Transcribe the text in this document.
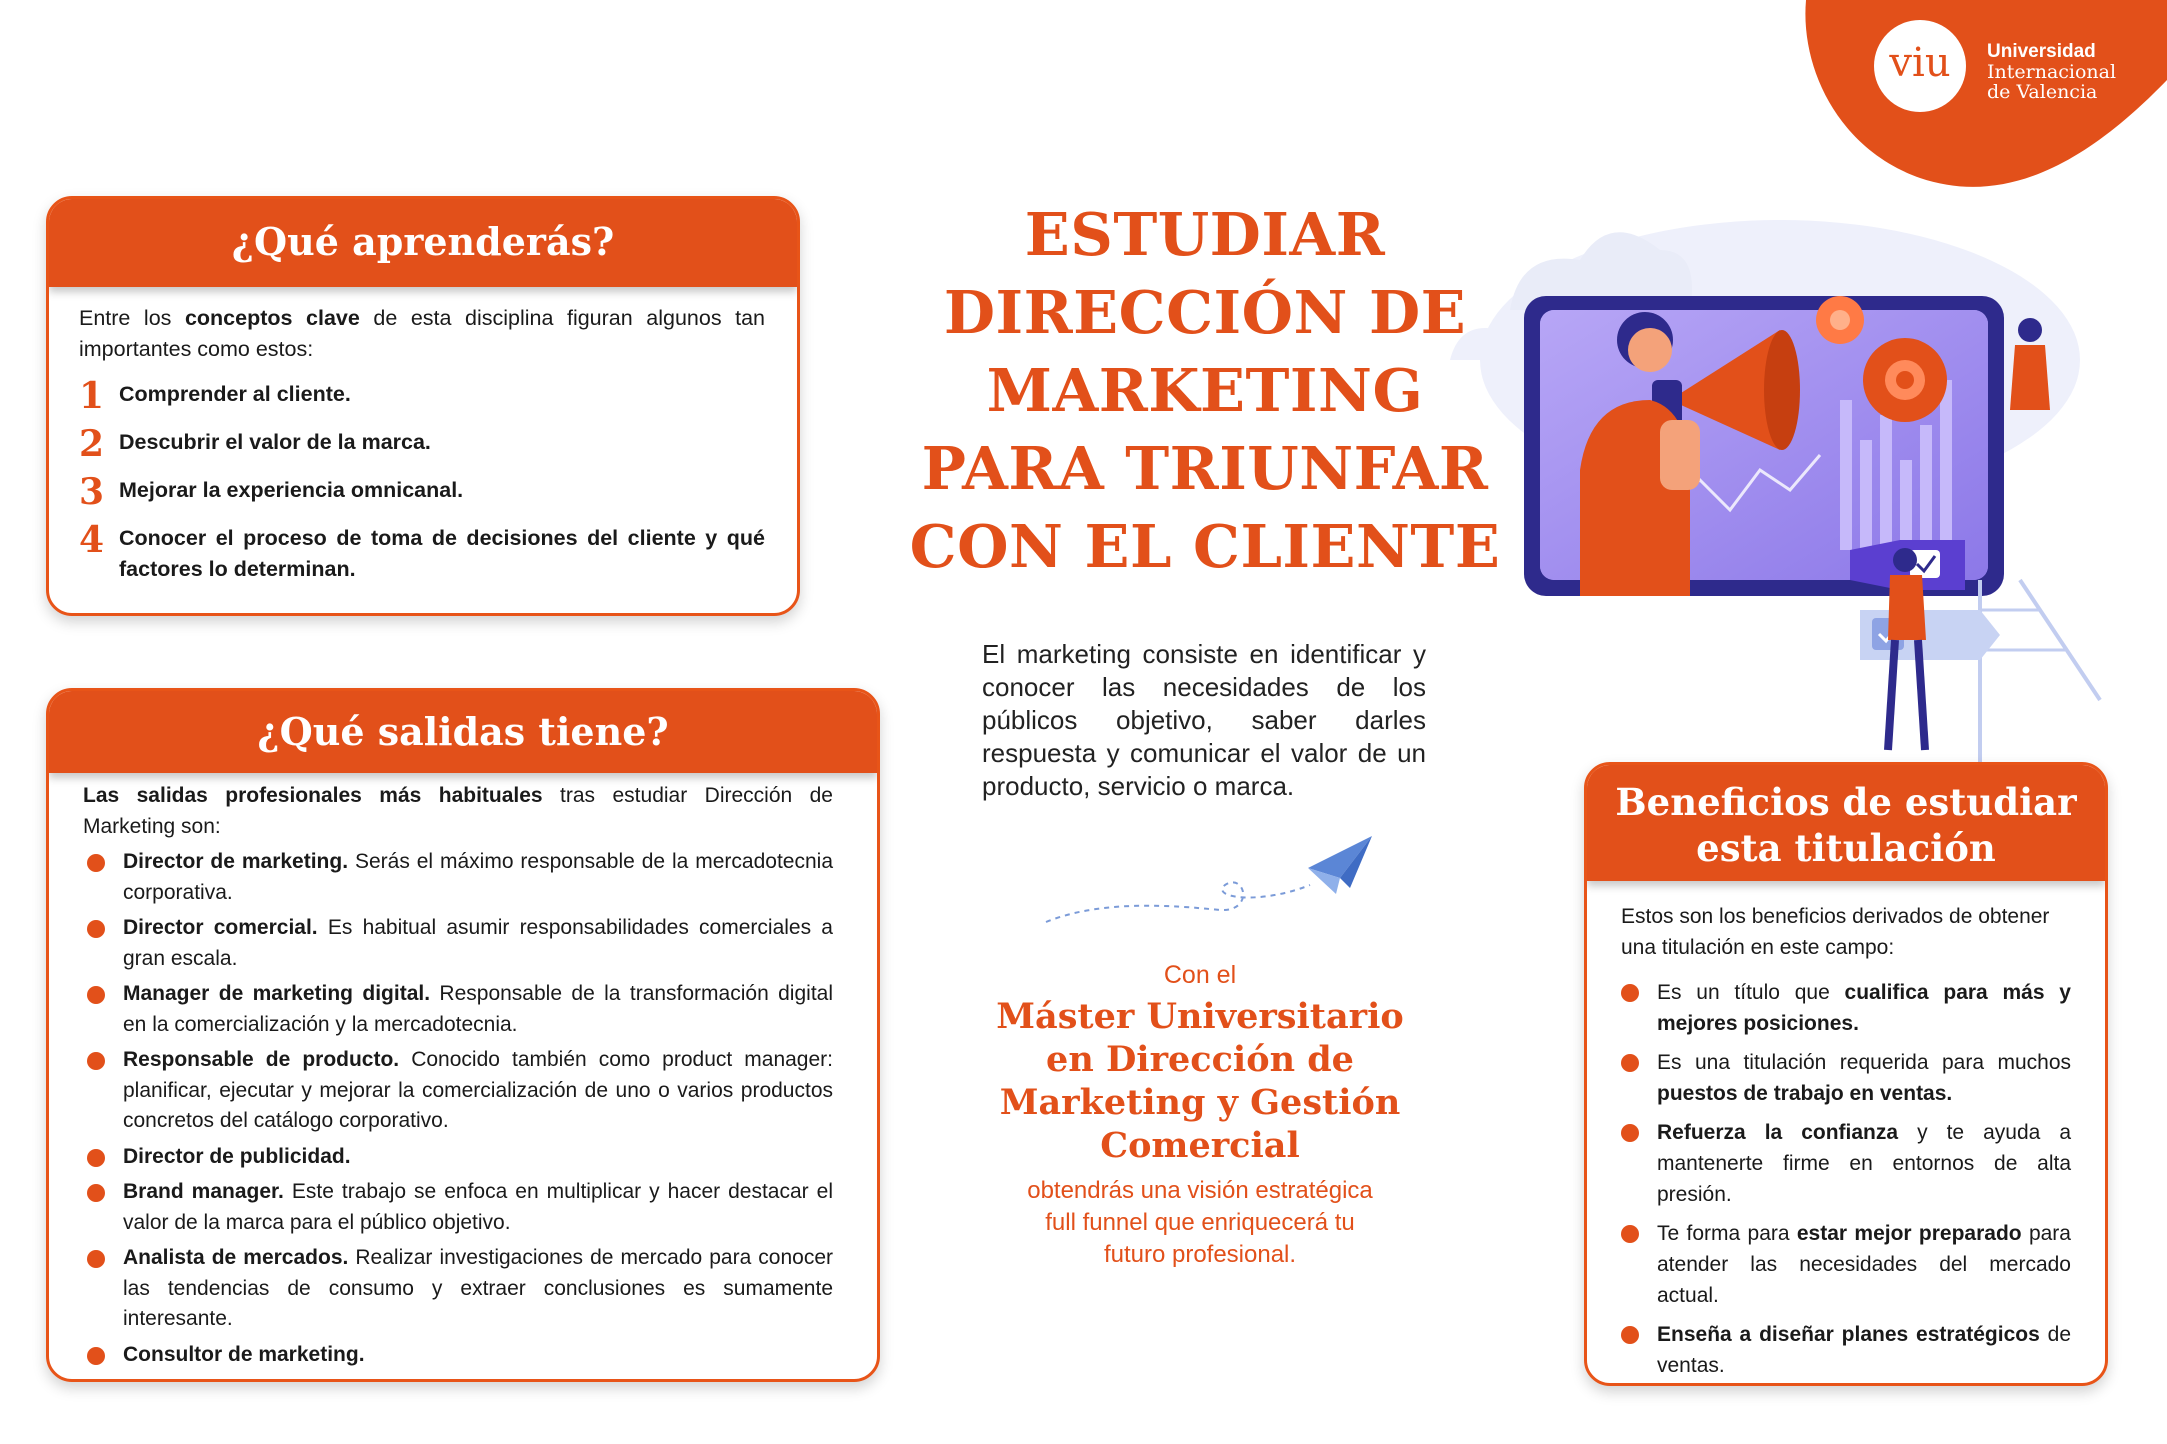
viu	Universidad
Internacional
de Valencia
¿Qué aprenderás?
Entre los conceptos clave de esta disciplina figuran algunos tan importantes como estos:
1 Comprender al cliente.
2 Descubrir el valor de la marca.
3 Mejorar la experiencia omnicanal.
4 Conocer el proceso de toma de decisiones del cliente y qué factores lo determinan.
¿Qué salidas tiene?
Las salidas profesionales más habituales tras estudiar Dirección de Marketing son:
Director de marketing. Serás el máximo responsable de la mercadotecnia corporativa.
Director comercial. Es habitual asumir responsabilidades comerciales a gran escala.
Manager de marketing digital. Responsable de la transformación digital en la comercialización y la mercadotecnia.
Responsable de producto. Conocido también como product manager: planificar, ejecutar y mejorar la comercialización de uno o varios productos concretos del catálogo corporativo.
Director de publicidad.
Brand manager. Este trabajo se enfoca en multiplicar y hacer destacar el valor de la marca para el público objetivo.
Analista de mercados. Realizar investigaciones de mercado para conocer las tendencias de consumo y extraer conclusiones es sumamente interesante.
Consultor de marketing.
ESTUDIAR
DIRECCIÓN DE
MARKETING
PARA TRIUNFAR
CON EL CLIENTE
El marketing consiste en identificar y conocer las necesidades de los públicos objetivo, saber darles respuesta y comunicar el valor de un producto, servicio o marca.
Con el
Máster Universitario
en Dirección de
Marketing y Gestión
Comercial
obtendrás una visión estratégica
full funnel que enriquecerá tu
futuro profesional.
Beneficios de estudiar
esta titulación
Estos son los beneficios derivados de obtener una titulación en este campo:
Es un título que cualifica para más y mejores posiciones.
Es una titulación requerida para muchos puestos de trabajo en ventas.
Refuerza la confianza y te ayuda a mantenerte firme en entornos de alta presión.
Te forma para estar mejor preparado para atender las necesidades del mercado actual.
Enseña a diseñar planes estratégicos de ventas.
